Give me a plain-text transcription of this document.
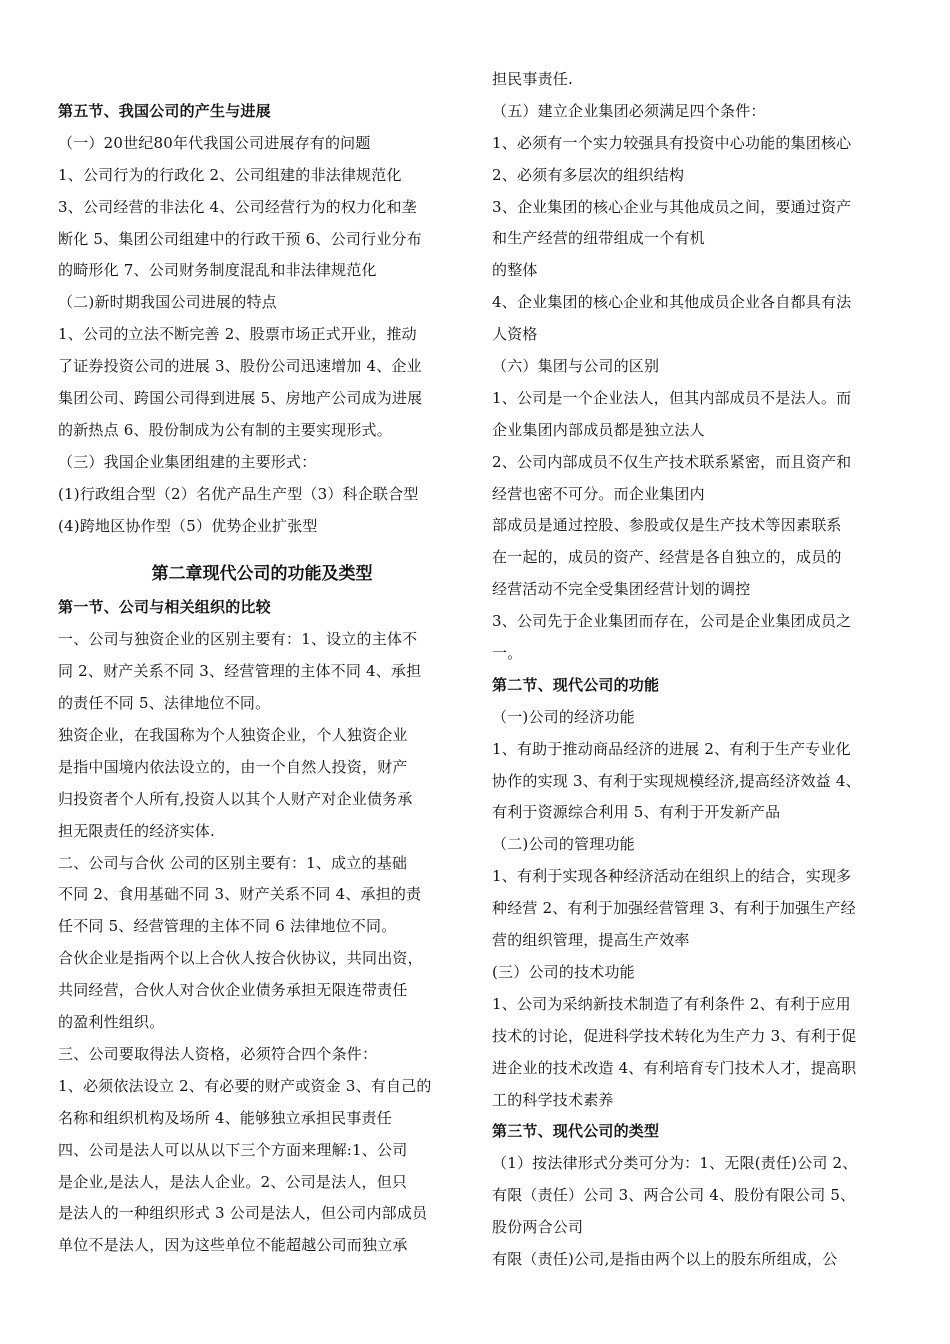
第五节、我国公司的产生与进展
（一）20世纪80年代我国公司进展存有的问题
1、公司行为的行政化 2、公司组建的非法律规范化
3、公司经营的非法化 4、公司经营行为的权力化和垄
断化 5、集团公司组建中的行政干预 6、公司行业分布
的畸形化 7、公司财务制度混乱和非法律规范化
（二)新时期我国公司进展的特点
1、公司的立法不断完善 2、股票市场正式开业，推动
了证券投资公司的进展 3、股份公司迅速增加 4、企业
集团公司、跨国公司得到进展 5、房地产公司成为进展
的新热点 6、股份制成为公有制的主要实现形式。
（三）我国企业集团组建的主要形式：
(1)行政组合型（2）名优产品生产型（3）科企联合型
(4)跨地区协作型（5）优势企业扩张型
第二章现代公司的功能及类型
第一节、公司与相关组织的比较
一、公司与独资企业的区别主要有：1、设立的主体不
同 2、财产关系不同 3、经营管理的主体不同 4、承担
的责任不同 5、法律地位不同。
独资企业，在我国称为个人独资企业，个人独资企业
是指中国境内依法设立的，由一个自然人投资，财产
归投资者个人所有,投资人以其个人财产对企业债务承
担无限责任的经济实体.
二、公司与合伙 公司的区别主要有：1、成立的基础
不同 2、食用基础不同 3、财产关系不同 4、承担的责
任不同 5、经营管理的主体不同 6 法律地位不同。
合伙企业是指两个以上合伙人按合伙协议，共同出资，
共同经营，合伙人对合伙企业债务承担无限连带责任
的盈利性组织。
三、公司要取得法人资格，必须符合四个条件：
1、必须依法设立 2、有必要的财产或资金 3、有自己的
名称和组织机构及场所 4、能够独立承担民事责任
四、公司是法人可以从以下三个方面来理解:1、公司
是企业,是法人，是法人企业。2、公司是法人，但只
是法人的一种组织形式 3 公司是法人，但公司内部成员
单位不是法人，因为这些单位不能超越公司而独立承
担民事责任.
（五）建立企业集团必须满足四个条件：
1、必须有一个实力较强具有投资中心功能的集团核心
2、必须有多层次的组织结构
3、企业集团的核心企业与其他成员之间，要通过资产
和生产经营的纽带组成一个有机
的整体
4、企业集团的核心企业和其他成员企业各自都具有法
人资格
（六）集团与公司的区别
1、公司是一个企业法人，但其内部成员不是法人。而
企业集团内部成员都是独立法人
2、公司内部成员不仅生产技术联系紧密，而且资产和
经营也密不可分。而企业集团内
部成员是通过控股、参股或仅是生产技术等因素联系
在一起的，成员的资产、经营是各自独立的，成员的
经营活动不完全受集团经营计划的调控
3、公司先于企业集团而存在，公司是企业集团成员之
一。
第二节、现代公司的功能
（一)公司的经济功能
1、有助于推动商品经济的进展 2、有利于生产专业化
协作的实现 3、有利于实现规模经济,提高经济效益 4、
有利于资源综合利用 5、有利于开发新产品
（二)公司的管理功能
1、有利于实现各种经济活动在组织上的结合，实现多
种经营 2、有利于加强经营管理 3、有利于加强生产经
营的组织管理，提高生产效率
(三）公司的技术功能
1、公司为采纳新技术制造了有利条件 2、有利于应用
技术的讨论，促进科学技术转化为生产力 3、有利于促
进企业的技术改造 4、有利培育专门技术人才，提高职
工的科学技术素养
第三节、现代公司的类型
（1）按法律形式分类可分为：1、无限(责任)公司 2、
有限（责任）公司 3、两合公司 4、股份有限公司 5、
股份两合公司
有限（责任)公司,是指由两个以上的股东所组成，公
